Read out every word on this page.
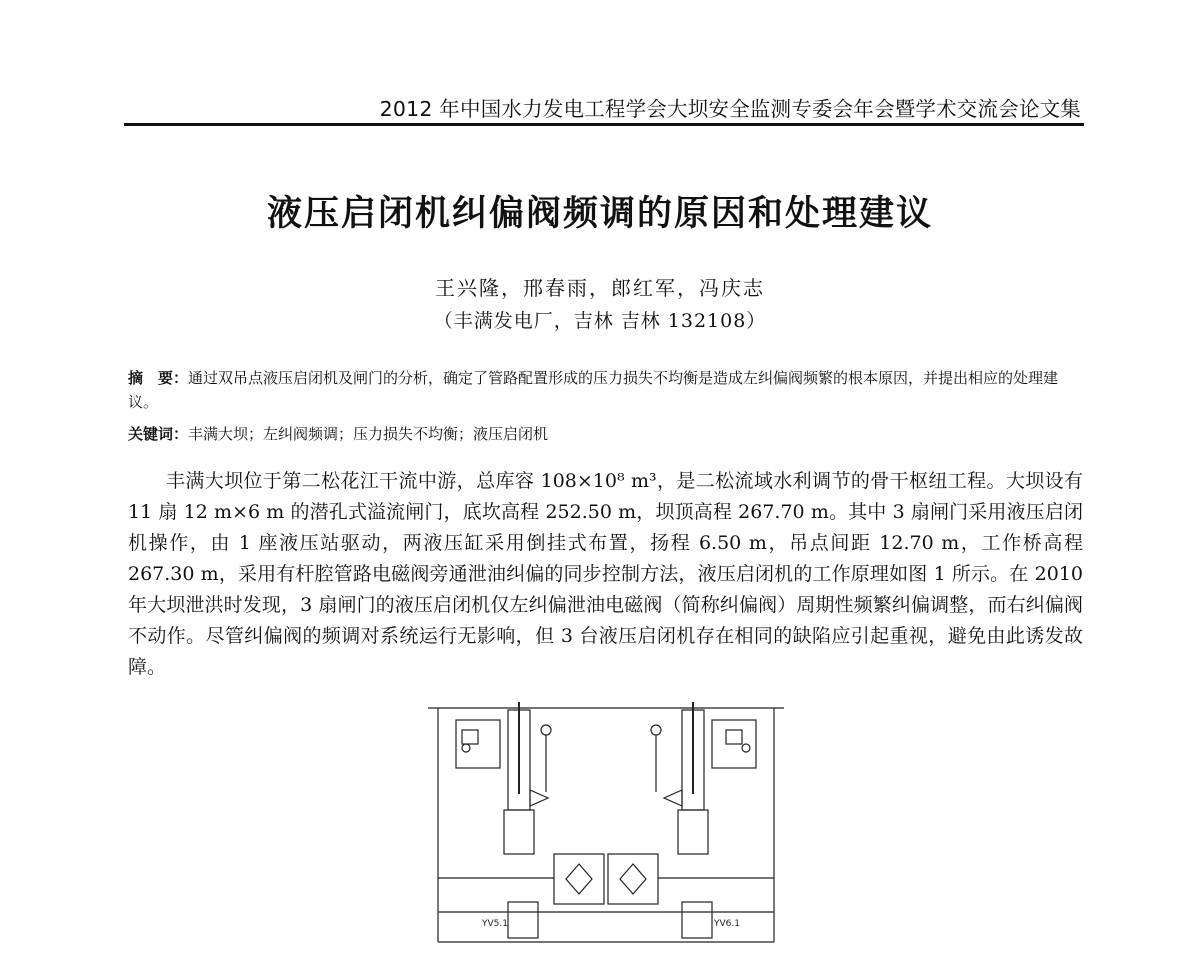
2012 年中国水力发电工程学会大坝安全监测专委会年会暨学术交流会论文集
液压启闭机纠偏阀频调的原因和处理建议
王兴隆，邢春雨，郎红军，冯庆志
（丰满发电厂，吉林 吉林 132108）

摘　要：通过双吊点液压启闭机及闸门的分析，确定了管路配置形成的压力损失不均衡是造成左纠偏阀频繁的根本原因，并提出相应的处理建议。

关键词：丰满大坝；左纠阀频调；压力损失不均衡；液压启闭机

丰满大坝位于第二松花江干流中游，总库容 108×10⁸ m³，是二松流域水利调节的骨干枢纽工程。大坝设有 11 扇 12 m×6 m 的潜孔式溢流闸门，底坎高程 252.50 m，坝顶高程 267.70 m。其中 3 扇闸门采用液压启闭机操作，由 1 座液压站驱动，两液压缸采用倒挂式布置，扬程 6.50 m，吊点间距 12.70 m，工作桥高程 267.30 m，采用有杆腔管路电磁阀旁通泄油纠偏的同步控制方法，液压启闭机的工作原理如图 1 所示。在 2010 年大坝泄洪时发现，3 扇闸门的液压启闭机仅左纠偏泄油电磁阀（简称纠偏阀）周期性频繁纠偏调整，而右纠偏阀不动作。尽管纠偏阀的频调对系统运行无影响，但 3 台液压启闭机存在相同的缺陷应引起重视，避免由此诱发故障。

YV5.1	YV6.1
